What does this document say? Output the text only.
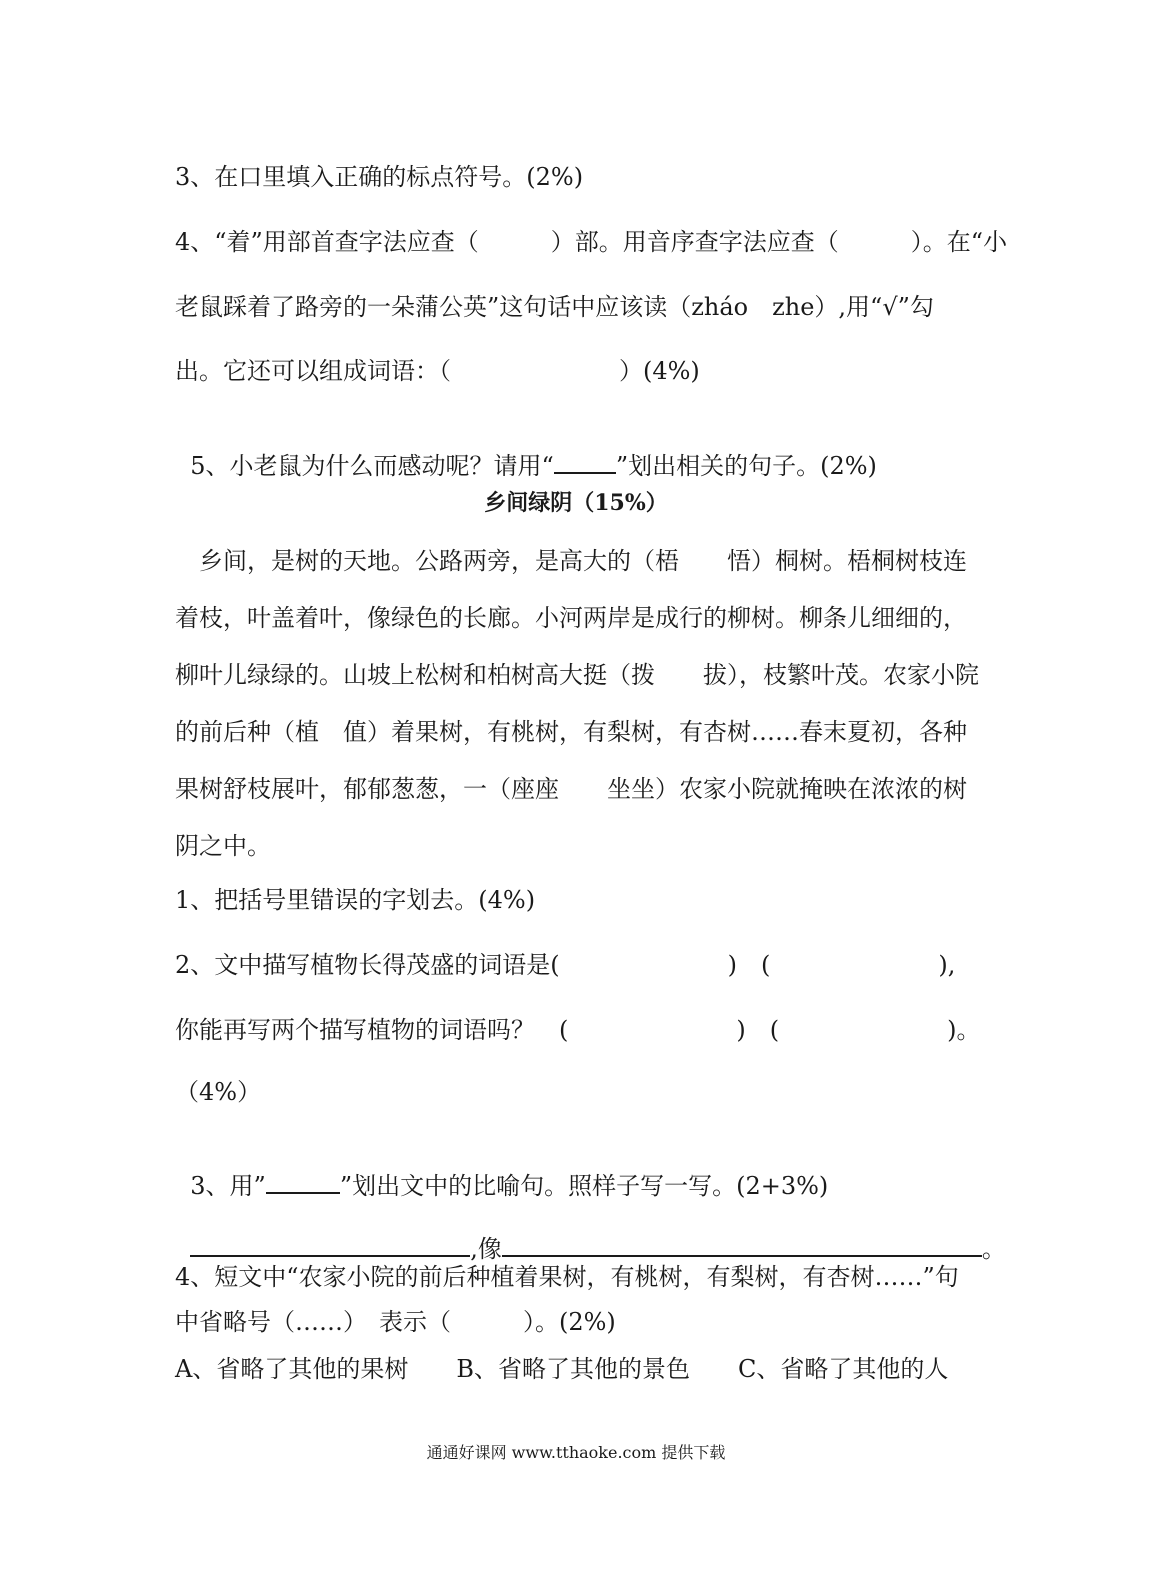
3、在口里填入正确的标点符号。(2%)
4、“着”用部首查字法应查（　　　）部。用音序查字法应查（　　　）。在“小
老鼠踩着了路旁的一朵蒲公英”这句话中应该读（zháo　zhe）,用“√”勾
出。它还可以组成词语：（　　　　　　　）(4%)

5、小老鼠为什么而感动呢？请用“	”划出相关的句子。(2%)

乡间绿阴（15%）
　乡间，是树的天地。公路两旁，是高大的（梧　　悟）桐树。梧桐树枝连
着枝，叶盖着叶，像绿色的长廊。小河两岸是成行的柳树。柳条儿细细的，
柳叶儿绿绿的。山坡上松树和柏树高大挺（拨　　拔），枝繁叶茂。农家小院
的前后种（植　值）着果树，有桃树，有梨树，有杏树……春末夏初，各种
果树舒枝展叶，郁郁葱葱，一（座座　　坐坐）农家小院就掩映在浓浓的树
阴之中。
1、把括号里错误的字划去。(4%)
2、文中描写植物长得茂盛的词语是(　　　　　　　)　(　　　　　　　),
你能再写两个描写植物的词语吗？　(　　　　　　　)　(　　　　　　　)。
（4%）

3、用”	”划出文中的比喻句。照样子写一写。(2+3%)

,像	。

4、短文中“农家小院的前后种植着果树，有桃树，有梨树，有杏树……”句
中省略号（……）　表示（　　　）。(2%)
A、省略了其他的果树　　B、省略了其他的景色　　C、省略了其他的人
通通好课网 www.tthaoke.com 提供下载
